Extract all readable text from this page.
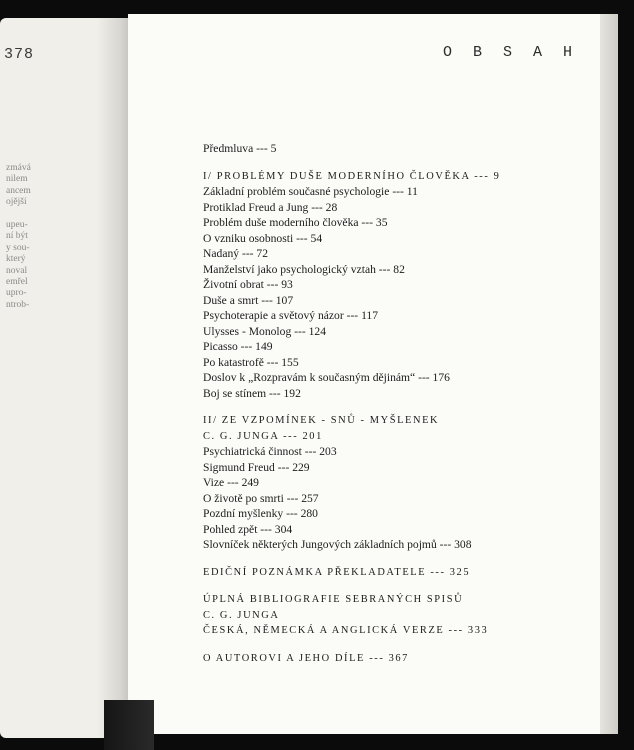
378
zmává
nilem
ancem
ojější
upeu-
ní být
y sou-
který
noval
emřel
upro-
ntrob-
O B S A H
Předmluva --- 5
I/ PROBLÉMY DUŠE MODERNÍHO ČLOVĚKA --- 9
Základní problém současné psychologie --- 11
Protiklad Freud a Jung --- 28
Problém duše moderního člověka --- 35
O vzniku osobnosti --- 54
Nadaný --- 72
Manželství jako psychologický vztah --- 82
Životní obrat --- 93
Duše a smrt --- 107
Psychoterapie a světový názor --- 117
Ulysses - Monolog --- 124
Picasso --- 149
Po katastrofě --- 155
Doslov k „Rozpravám k současným dějinám“ --- 176
Boj se stínem --- 192
II/ ZE VZPOMÍNEK - SNŮ - MYŠLENEK
C. G. JUNGA --- 201
Psychiatrická činnost --- 203
Sigmund Freud --- 229
Vize --- 249
O životě po smrti --- 257
Pozdní myšlenky --- 280
Pohled zpět --- 304
Slovníček některých Jungových základních pojmů --- 308
EDIČNÍ POZNÁMKA PŘEKLADATELE --- 325
ÚPLNÁ BIBLIOGRAFIE SEBRANÝCH SPISŮ
C. G. JUNGA
ČESKÁ, NĚMECKÁ A ANGLICKÁ VERZE --- 333
O AUTOROVI A JEHO DÍLE --- 367
